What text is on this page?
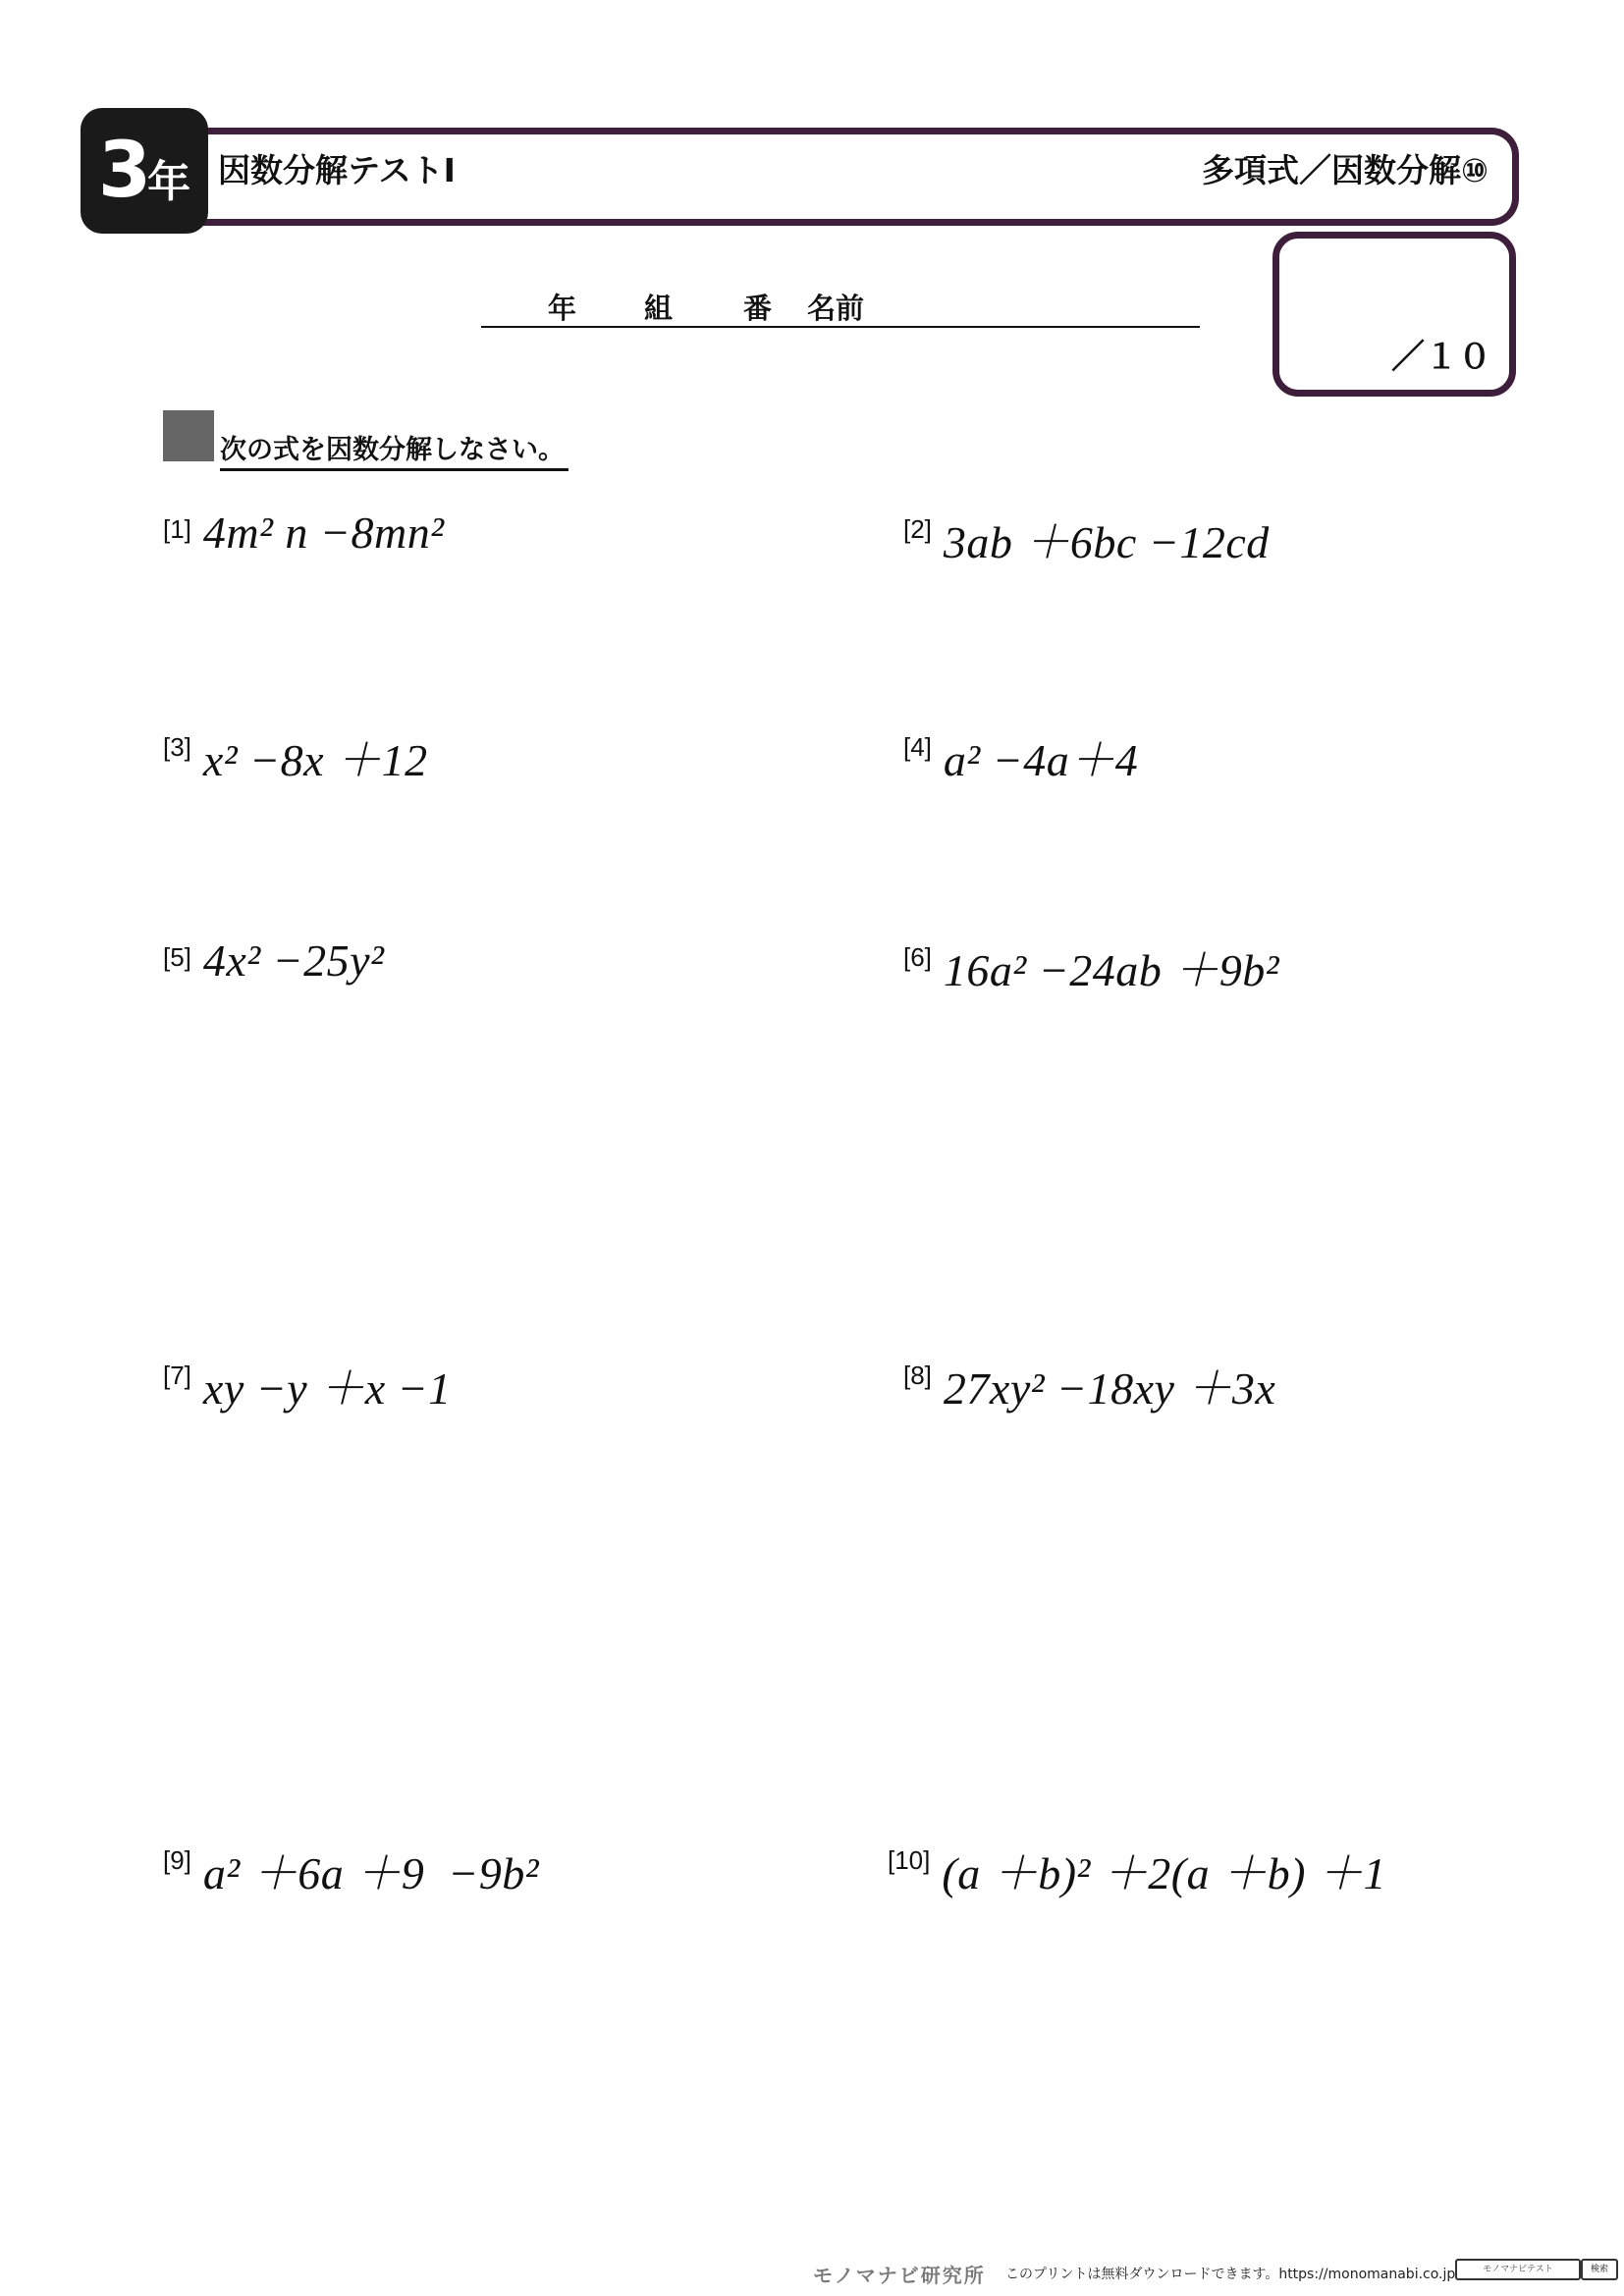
3 年 因数分解テストⅠ	多項式／因数分解⑩
年 組 番 名前
／１０
次の式を因数分解しなさい。
[1] 4m² n −8mn²	[2] 3ab ＋6bc −12cd
[3] x² −8x ＋12	[4] a² −4a＋4
[5] 4x² −25y²	[6] 16a² −24ab ＋9b²
[7] xy −y ＋x −1	[8] 27xy² −18xy ＋3x
[9] a² ＋6a ＋9  −9b²	[10] (a ＋b)² ＋2(a ＋b) ＋1
モノマナビ研究所 このプリントは無料ダウンロードできます。https://monomanabi.co.jp	モノマナビテスト	検索
